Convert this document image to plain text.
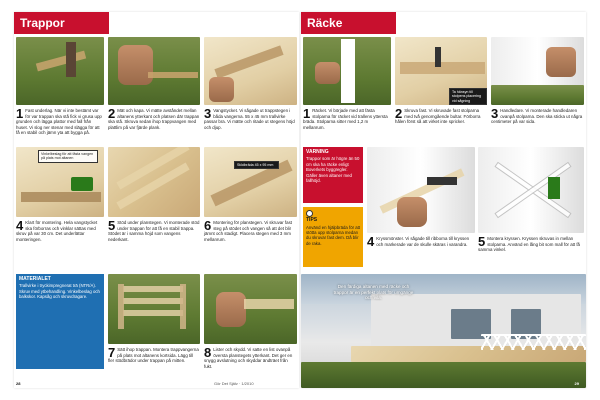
Trappor
1 Fast underlag. När vi inte bestämt var för var trappan ska stå fick vi grusa upp grunden och lägga plattor med fall från huset. Vi slog ner stenar med slägga för att få en stabil och jämn yta att bygga på.
2 Mät och kapa. Vi mätte avståndet mellan altanens ytterkant och platsen där trappan ska stå. Skruva sedan ihop trappvangen med plattlim på var fjärde plank.
3 Vangstycket. Vi sågade ut trappstegen i båda vangerna. 55 x 45 mm trallvirke passar bra. Vi mätte och ritade ut stegens höjd och djup.
Vinkelbeslag för att fästa vangen på plats mot altanen
Stödbräda 45 x 95 mm
4 Klart för montering. Hela vangstycket ska förborras och vinklar sättas med skruv på var 30 cm. Det underlättar monteringen.
5 Stöd under planstegen. Vi monterade stöd under trappan för att få en stabil trappa. Stödet är i samma höjd som vangens nederkant.
6 Montering för planstegen. Vi skruvar fast steg på stödet och vangen så att det blir jämnt och stadigt. Placera stegen med 3 mm mellanrum.
MATERIALET
Trallvirke i tryckimpregnerat trä (NTR/A). Skruv med ytbehandling. Vinkelbeslag och balkskor. Kapsåg och skruvdragare.
7 Sätt ihop trappan. Montera trappvangerna på plats mot altanens kortsida. Lägg till fler stödbrädor under trappan på mitten.
8 Lister och skydd. Vi satte en list ovanpå översta planstegets ytterkant. Det ger en snygg avslutning och skyddar ändträet från fukt.
28	Gör Det Själv · 1/2010
Räcke
1 Räcket. Vi började med att fästa stolparna för räcket vid trallens yttersta bräda. Stolparna sitter med 1,2 m mellanrum.
2 Skruva fast. Vi skruvade fast stolparna med två genomgående bultar. Förborra hålen först så att virket inte spricker.
3 Handledare. Vi monterade handledaren ovanpå stolparna. Den ska sticka ut några centimeter på var sida.
Ta hänsyn till stolpens placering vid sågning
VARNING
Trappor som är högre än 50 cm ska ha räcke enligt Boverkets byggregler. Gäller även altaner med fallhöjd.
TIPS
Använd en hjälpbräda för att stötta upp stolparna medan du skruvar fast dem. Då blir de raka.	4 Kryssmönster. Vi sågade till ribborna till kryssen och markerade var de skulle skäras i varandra. 5 Montera kryssen. Kryssen skruvas in mellan stolparna. Använd en lång bit som mall för att få samma vinkel.
Den färdiga altanen med räcke och trappor är en perfekt plats för umgänge och vila.
29
